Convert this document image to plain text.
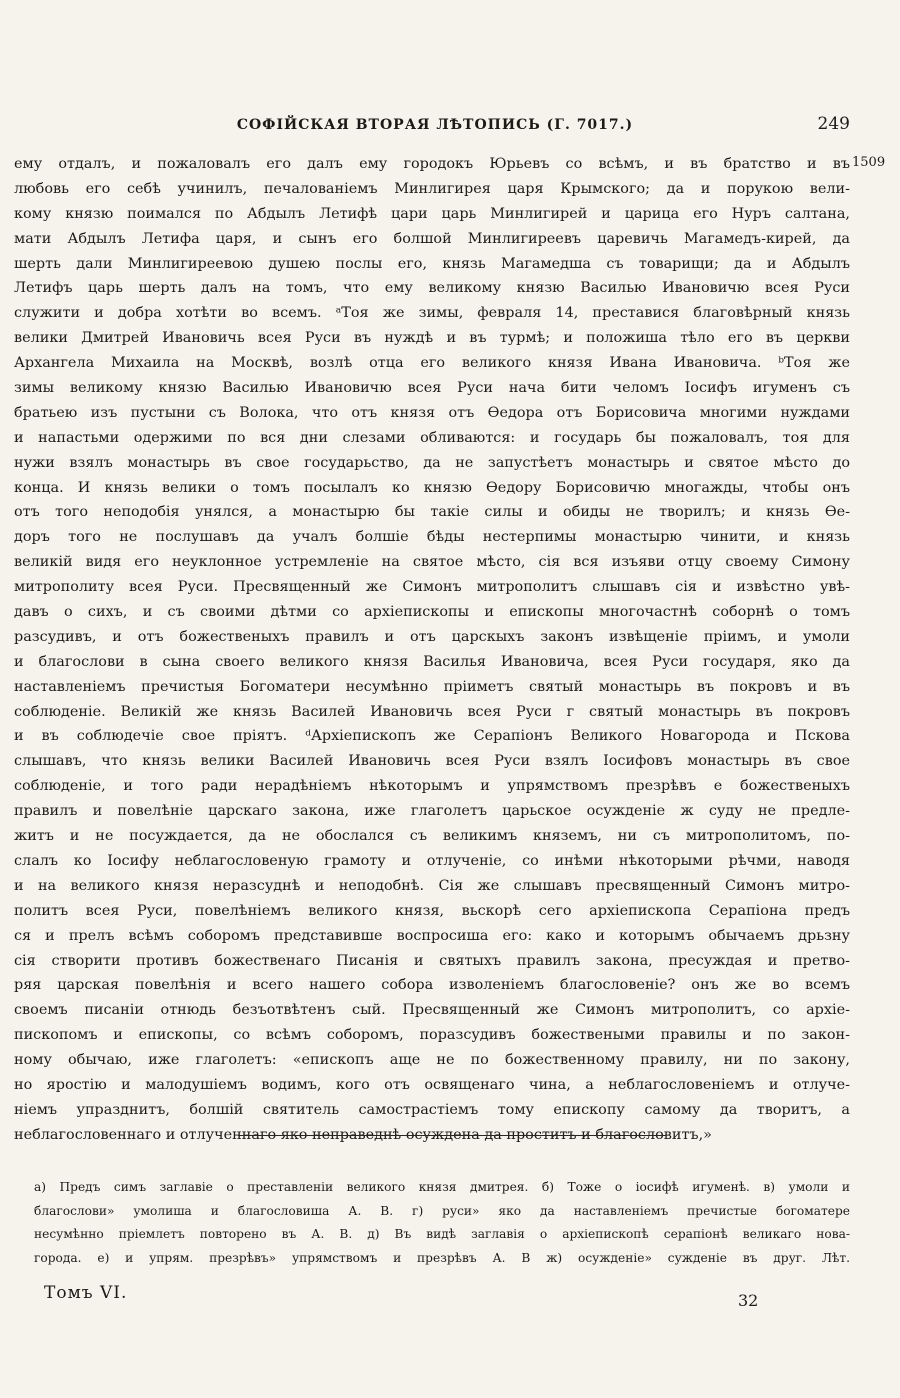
СОФІЙСКАЯ ВТОРАЯ ЛѢТОПИСЬ (Г. 7017.)	249
1509
ему отдалъ, и пожаловалъ его далъ ему городокъ Юрьевъ со всѣмъ, и въ братство и въ
любовь его себѣ учинилъ, печалованіемъ Минлигирея царя Крымского; да и порукою вели-
кому князю поимался по Абдылъ Летифѣ цари царь Минлигирей и царица его Нуръ салтана,
мати Абдылъ Летифа царя, и сынъ его болшой Минлигиреевъ царевичь Магамедъ-кирей, да
шерть дали Минлигиреевою душею послы его, князь Магамедша съ товарищи; да и Абдылъ
Летифъ царь шерть далъ на томъ, что ему великому князю Василью Ивановичю всея Руси
служити и добра хотѣти во всемъ. ᵃТоя же зимы, февраля 14, преставися благовѣрный князь
велики Дмитрей Ивановичь всея Руси въ нуждѣ и въ турмѣ; и положиша тѣло его въ церкви
Архангела Михаила на Москвѣ, возлѣ отца его великого князя Ивана Ивановича. ᵇТоя же
зимы великому князю Василью Ивановичю всея Руси нача бити челомъ Іосифъ игуменъ съ
братьею изъ пустыни съ Волока, что отъ князя отъ Ѳедора отъ Борисовича многими нуждами
и напастьми одержими по вся дни слезами обливаются: и государь бы пожаловалъ, тоя для
нужи взялъ монастырь въ свое государьство, да не запустѣетъ монастырь и святое мѣсто до
конца. И князь велики о томъ посылалъ ко князю Ѳедору Борисовичю многажды, чтобы онъ
отъ того неподобія унялся, а монастырю бы такіе силы и обиды не творилъ; и князь Ѳе-
доръ того не послушавъ да учалъ болшіе бѣды нестерпимы монастырю чинити, и князь
великій видя его неуклонное устремленіе на святое мѣсто, сія вся изъяви отцу своему Симону
митрополиту всея Руси. Пресвященный же Симонъ митрополитъ слышавъ сія и извѣстно увѣ-
давъ о сихъ, и съ своими дѣтми со архіепископы и епископы многочастнѣ соборнѣ о томъ
разсудивъ, и отъ божественыхъ правилъ и отъ царскыхъ законъ извѣщеніе пріимъ, и умоли
и благослови в сына своего великого князя Василья Ивановича, всея Руси государя, яко да
наставленіемъ пречистыя Богоматери несумѣнно пріиметъ святый монастырь въ покровъ и въ
соблюденіе. Великій же князь Василей Ивановичь всея Руси г святый монастырь въ покровъ
и въ соблюдечіе свое пріятъ. ᵈАрхіепископъ же Серапіонъ Великого Новагорода и Пскова
слышавъ, что князь велики Василей Ивановичь всея Руси взялъ Іосифовъ монастырь въ свое
соблюденіе, и того ради нерадѣніемъ нѣкоторымъ и упрямствомъ презрѣвъ е божественыхъ
правилъ и повелѣніе царскаго закона, иже глаголетъ царьское осужденіе ж суду не предле-
житъ и не посуждается, да не обослался съ великимъ княземъ, ни съ митрополитомъ, по-
слалъ ко Іосифу неблагословеную грамоту и отлученіе, со инѣми нѣкоторыми рѣчми, наводя
и на великого князя неразсуднѣ и неподобнѣ. Сія же слышавъ пресвященный Симонъ митро-
политъ всея Руси, повелѣніемъ великого князя, вьскорѣ сего архіепископа Серапіона предъ
ся и прелъ всѣмъ соборомъ представивше воспросиша его: како и которымъ обычаемъ дрьзну
сія створити противъ божественаго Писанія и святыхъ правилъ закона, пресуждая и претво-
ряя царская повелѣнія и всего нашего собора изволеніемъ благословеніе? онъ же во всемъ
своемъ писаніи отнюдь безъотвѣтенъ сый. Пресвященный же Симонъ митрополитъ, со архіе-
пископомъ и епископы, со всѣмъ соборомъ, поразсудивъ божествеными правилы и по закон-
ному обычаю, иже глаголетъ: «епископъ аще не по божественному правилу, ни по закону,
но яростію и малодушіемъ водимъ, кого отъ освященаго чина, а неблагословеніемъ и отлуче-
ніемъ упразднитъ, болшій святитель самострастіемъ тому епископу самому да творитъ, а
неблагословеннаго и отлученнаго яко неправеднѣ осуждена да проститъ и благословитъ,»
а) Предъ симъ заглавіе о преставленіи великого князя дмитрея. б) Тоже о іосифѣ игуменѣ. в) умоли и
благослови» умолиша и благословиша А. В. г) руси» яко да наставленіемъ пречистые богоматере
несумѣнно пріемлетъ повторено въ А. В. д) Въ видѣ заглавія о архіепископѣ серапіонѣ великаго нова-
города. е) и упрям. презрѣвъ» упрямствомъ и презрѣвъ А. В ж) осужденіе» сужденіе въ друг. Лѣт.
Томъ VI.	32
